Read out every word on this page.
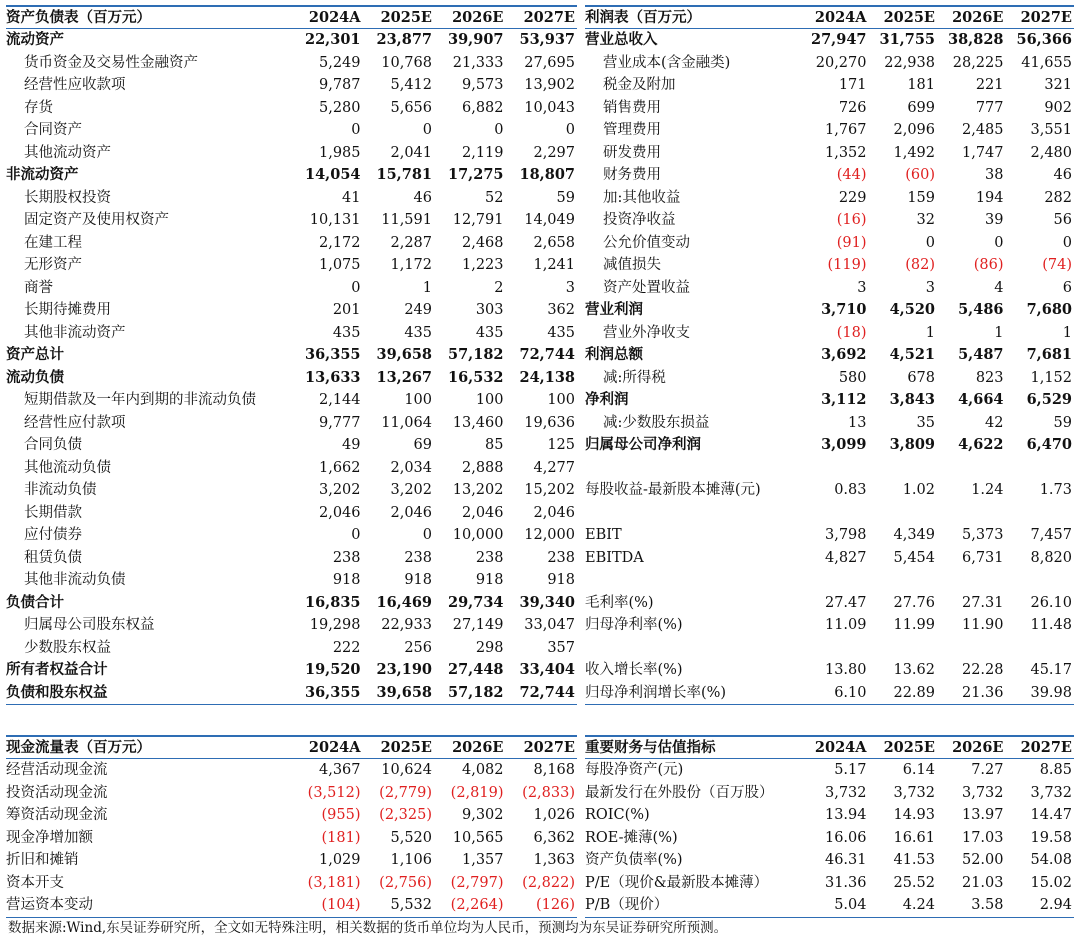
资产负债表（百万元）	2024A	2025E	2026E	2027E
流动资产	22,301	23,877	39,907	53,937
货币资金及交易性金融资产	5,249	10,768	21,333	27,695
经营性应收款项	9,787	5,412	9,573	13,902
存货	5,280	5,656	6,882	10,043
合同资产	0	0	0	0
其他流动资产	1,985	2,041	2,119	2,297
非流动资产	14,054	15,781	17,275	18,807
长期股权投资	41	46	52	59
固定资产及使用权资产	10,131	11,591	12,791	14,049
在建工程	2,172	2,287	2,468	2,658
无形资产	1,075	1,172	1,223	1,241
商誉	0	1	2	3
长期待摊费用	201	249	303	362
其他非流动资产	435	435	435	435
资产总计	36,355	39,658	57,182	72,744
流动负债	13,633	13,267	16,532	24,138
短期借款及一年内到期的非流动负债	2,144	100	100	100
经营性应付款项	9,777	11,064	13,460	19,636
合同负债	49	69	85	125
其他流动负债	1,662	2,034	2,888	4,277
非流动负债	3,202	3,202	13,202	15,202
长期借款	2,046	2,046	2,046	2,046
应付债券	0	0	10,000	12,000
租赁负债	238	238	238	238
其他非流动负债	918	918	918	918
负债合计	16,835	16,469	29,734	39,340
归属母公司股东权益	19,298	22,933	27,149	33,047
少数股东权益	222	256	298	357
所有者权益合计	19,520	23,190	27,448	33,404
负债和股东权益	36,355	39,658	57,182	72,744
利润表（百万元）	2024A	2025E	2026E	2027E
营业总收入	27,947	31,755	38,828	56,366
营业成本(含金融类)	20,270	22,938	28,225	41,655
税金及附加	171	181	221	321
销售费用	726	699	777	902
管理费用	1,767	2,096	2,485	3,551
研发费用	1,352	1,492	1,747	2,480
财务费用	(44)	(60)	38	46
加:其他收益	229	159	194	282
投资净收益	(16)	32	39	56
公允价值变动	(91)	0	0	0
减值损失	(119)	(82)	(86)	(74)
资产处置收益	3	3	4	6
营业利润	3,710	4,520	5,486	7,680
营业外净收支	(18)	1	1	1
利润总额	3,692	4,521	5,487	7,681
减:所得税	580	678	823	1,152
净利润	3,112	3,843	4,664	6,529
减:少数股东损益	13	35	42	59
归属母公司净利润	3,099	3,809	4,622	6,470

每股收益-最新股本摊薄(元)	0.83	1.02	1.24	1.73

EBIT	3,798	4,349	5,373	7,457
EBITDA	4,827	5,454	6,731	8,820

毛利率(%)	27.47	27.76	27.31	26.10
归母净利率(%)	11.09	11.99	11.90	11.48

收入增长率(%)	13.80	13.62	22.28	45.17
归母净利润增长率(%)	6.10	22.89	21.36	39.98
现金流量表（百万元）	2024A	2025E	2026E	2027E
经营活动现金流	4,367	10,624	4,082	8,168
投资活动现金流	(3,512)	(2,779)	(2,819)	(2,833)
筹资活动现金流	(955)	(2,325)	9,302	1,026
现金净增加额	(181)	5,520	10,565	6,362
折旧和摊销	1,029	1,106	1,357	1,363
资本开支	(3,181)	(2,756)	(2,797)	(2,822)
营运资本变动	(104)	5,532	(2,264)	(126)
重要财务与估值指标	2024A	2025E	2026E	2027E
每股净资产(元)	5.17	6.14	7.27	8.85
最新发行在外股份（百万股）	3,732	3,732	3,732	3,732
ROIC(%)	13.94	14.93	13.97	14.47
ROE-摊薄(%)	16.06	16.61	17.03	19.58
资产负债率(%)	46.31	41.53	52.00	54.08
P/E（现价&最新股本摊薄）	31.36	25.52	21.03	15.02
P/B（现价）	5.04	4.24	3.58	2.94
数据来源:Wind,东吴证券研究所，全文如无特殊注明，相关数据的货币单位均为人民币，预测均为东吴证券研究所预测。
